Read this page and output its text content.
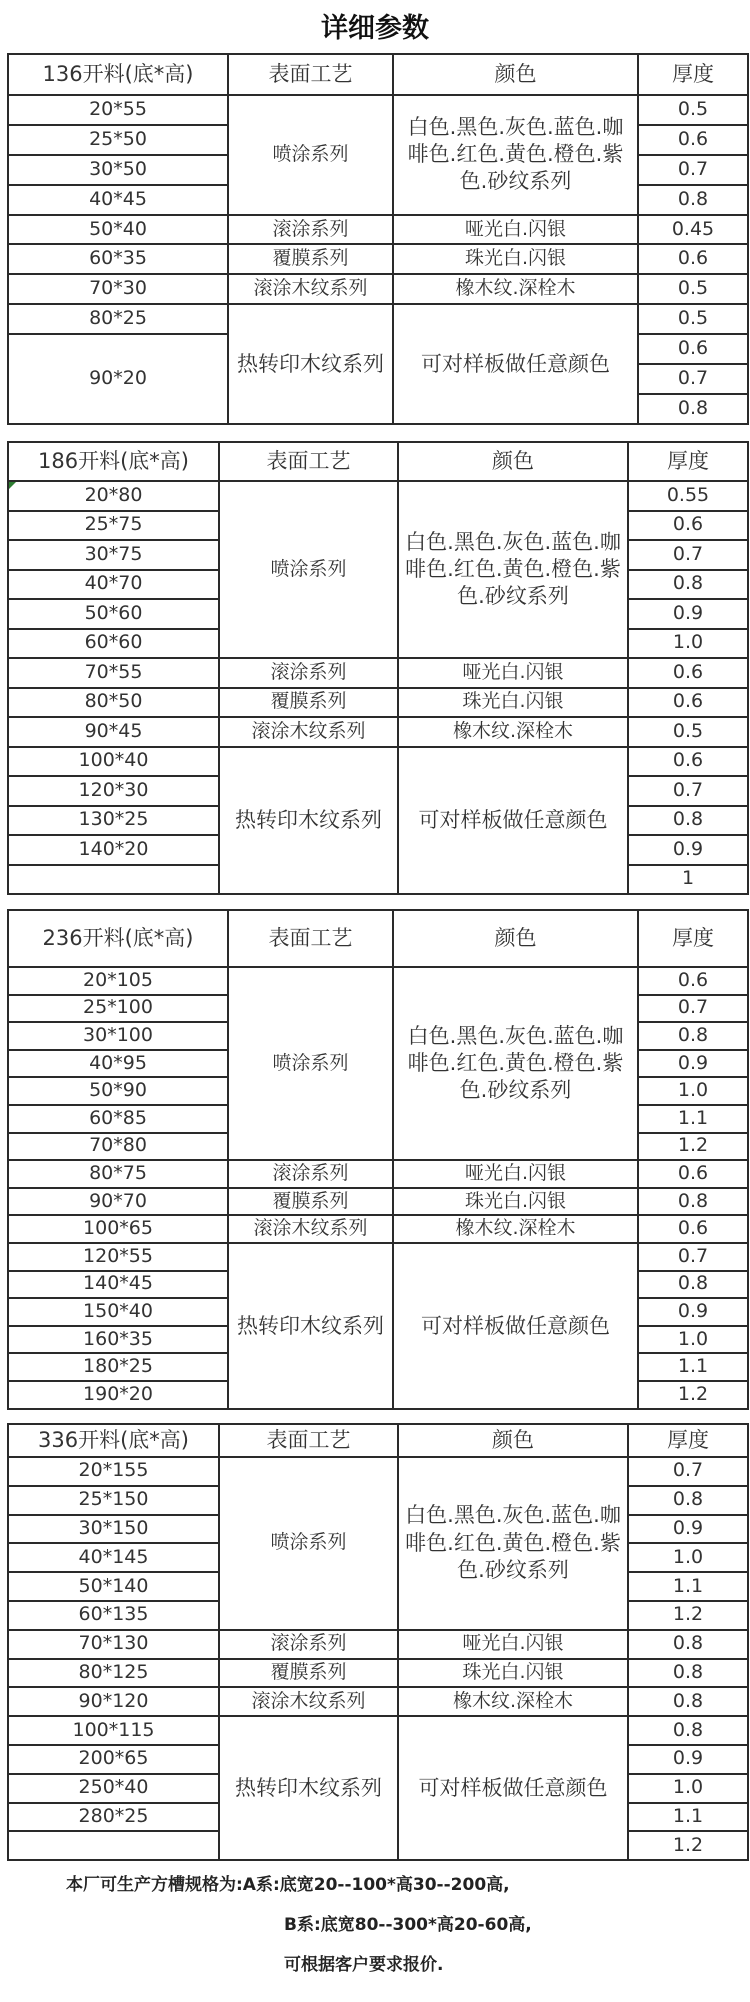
详细参数
136开料(底*高)	表面工艺	颜色	厚度
20*55	喷涂系列	白色.黑色.灰色.蓝色.咖啡色.红色.黄色.橙色.紫色.砂纹系列	0.5
25*50			0.6
30*50			0.7
40*45			0.8
50*40	滚涂系列	哑光白.闪银	0.45
60*35	覆膜系列	珠光白.闪银	0.6
70*30	滚涂木纹系列	橡木纹.深栓木	0.5
80*25	热转印木纹系列	可对样板做任意颜色	0.5
90*20			0.6
			0.7
			0.8
186开料(底*高)	表面工艺	颜色	厚度
20*80	喷涂系列	白色.黑色.灰色.蓝色.咖啡色.红色.黄色.橙色.紫色.砂纹系列	0.55
25*75			0.6
30*75			0.7
40*70			0.8
50*60			0.9
60*60			1.0
70*55	滚涂系列	哑光白.闪银	0.6
80*50	覆膜系列	珠光白.闪银	0.6
90*45	滚涂木纹系列	橡木纹.深栓木	0.5
100*40	热转印木纹系列	可对样板做任意颜色	0.6
120*30			0.7
130*25			0.8
140*20			0.9
			1
236开料(底*高)	表面工艺	颜色	厚度
20*105	喷涂系列	白色.黑色.灰色.蓝色.咖啡色.红色.黄色.橙色.紫色.砂纹系列	0.6
25*100			0.7
30*100			0.8
40*95			0.9
50*90			1.0
60*85			1.1
70*80			1.2
80*75	滚涂系列	哑光白.闪银	0.6
90*70	覆膜系列	珠光白.闪银	0.8
100*65	滚涂木纹系列	橡木纹.深栓木	0.6
120*55	热转印木纹系列	可对样板做任意颜色	0.7
140*45			0.8
150*40			0.9
160*35			1.0
180*25			1.1
190*20			1.2
336开料(底*高)	表面工艺	颜色	厚度
20*155	喷涂系列	白色.黑色.灰色.蓝色.咖啡色.红色.黄色.橙色.紫色.砂纹系列	0.7
25*150			0.8
30*150			0.9
40*145			1.0
50*140			1.1
60*135			1.2
70*130	滚涂系列	哑光白.闪银	0.8
80*125	覆膜系列	珠光白.闪银	0.8
90*120	滚涂木纹系列	橡木纹.深栓木	0.8
100*115	热转印木纹系列	可对样板做任意颜色	0.8
200*65			0.9
250*40			1.0
280*25			1.1
			1.2
本厂可生产方槽规格为:A系:底宽20--100*高30--200高,
B系:底宽80--300*高20-60高,
可根据客户要求报价.
